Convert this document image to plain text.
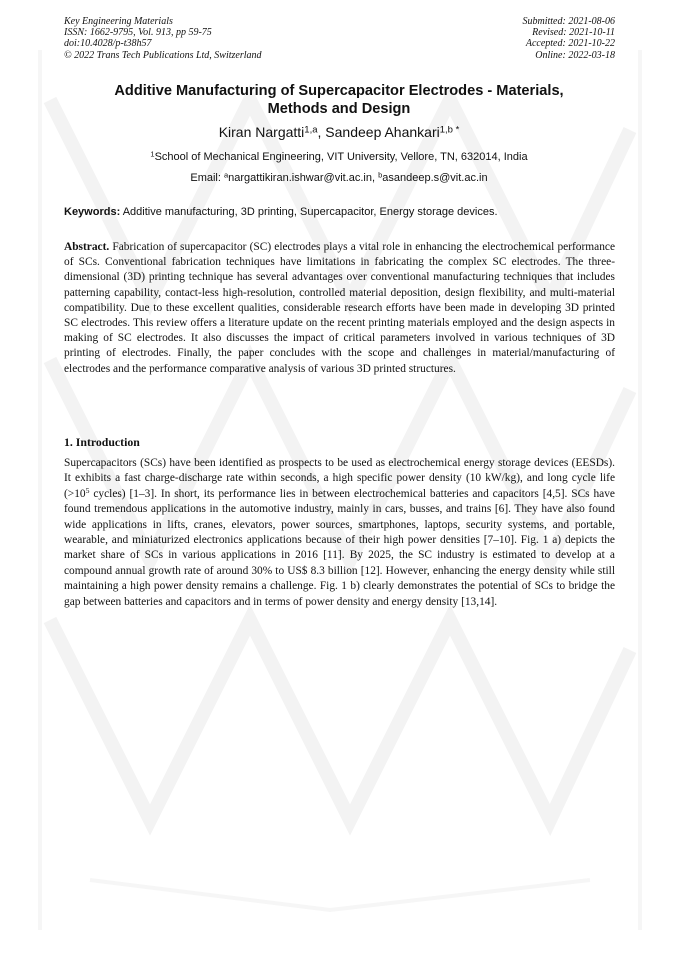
Key Engineering Materials
ISSN: 1662-9795, Vol. 913, pp 59-75
doi:10.4028/p-t38h57
© 2022 Trans Tech Publications Ltd, Switzerland
Submitted: 2021-08-06
Revised: 2021-10-11
Accepted: 2021-10-22
Online: 2022-03-18
Additive Manufacturing of Supercapacitor Electrodes - Materials,
Methods and Design
Kiran Nargatti$^{1,a}$, Sandeep Ahankari$^{1,b *}$
$^1$School of Mechanical Engineering, VIT University, Vellore, TN, 632014, India
Email: $^a$nargattikiran.ishwar@vit.ac.in, $^b$asandeep.s@vit.ac.in
Keywords: Additive manufacturing, 3D printing, Supercapacitor, Energy storage devices.
Abstract. Fabrication of supercapacitor (SC) electrodes plays a vital role in enhancing the electrochemical performance of SCs. Conventional fabrication techniques have limitations in fabricating the complex SC electrodes. The three-dimensional (3D) printing technique has several advantages over conventional manufacturing techniques that includes patterning capability, contact-less high-resolution, controlled material deposition, design flexibility, and multi-material compatibility. Due to these excellent qualities, considerable research efforts have been made in developing 3D printed SC electrodes. This review offers a literature update on the recent printing materials employed and the design aspects in making of SC electrodes. It also discusses the impact of critical parameters involved in various techniques of 3D printing of electrodes. Finally, the paper concludes with the scope and challenges in material/manufacturing of electrodes and the performance comparative analysis of various 3D printed structures.
1. Introduction
Supercapacitors (SCs) have been identified as prospects to be used as electrochemical energy storage devices (EESDs). It exhibits a fast charge-discharge rate within seconds, a high specific power density (10 kW/kg), and long cycle life ($>10^5$ cycles) [1–3]. In short, its performance lies in between electrochemical batteries and capacitors [4,5]. SCs have found tremendous applications in the automotive industry, mainly in cars, busses, and trains [6]. They have also found wide applications in lifts, cranes, elevators, power sources, smartphones, laptops, security systems, and portable, wearable, and miniaturized electronics applications because of their high power densities [7–10]. Fig. 1 a) depicts the market share of SCs in various applications in 2016 [11]. By 2025, the SC industry is estimated to develop at a compound annual growth rate of around 30% to US$ 8.3 billion [12]. However, enhancing the energy density while still maintaining a high power density remains a challenge. Fig. 1 b) clearly demonstrates the potential of SCs to bridge the gap between batteries and capacitors and in terms of power density and energy density [13,14].
